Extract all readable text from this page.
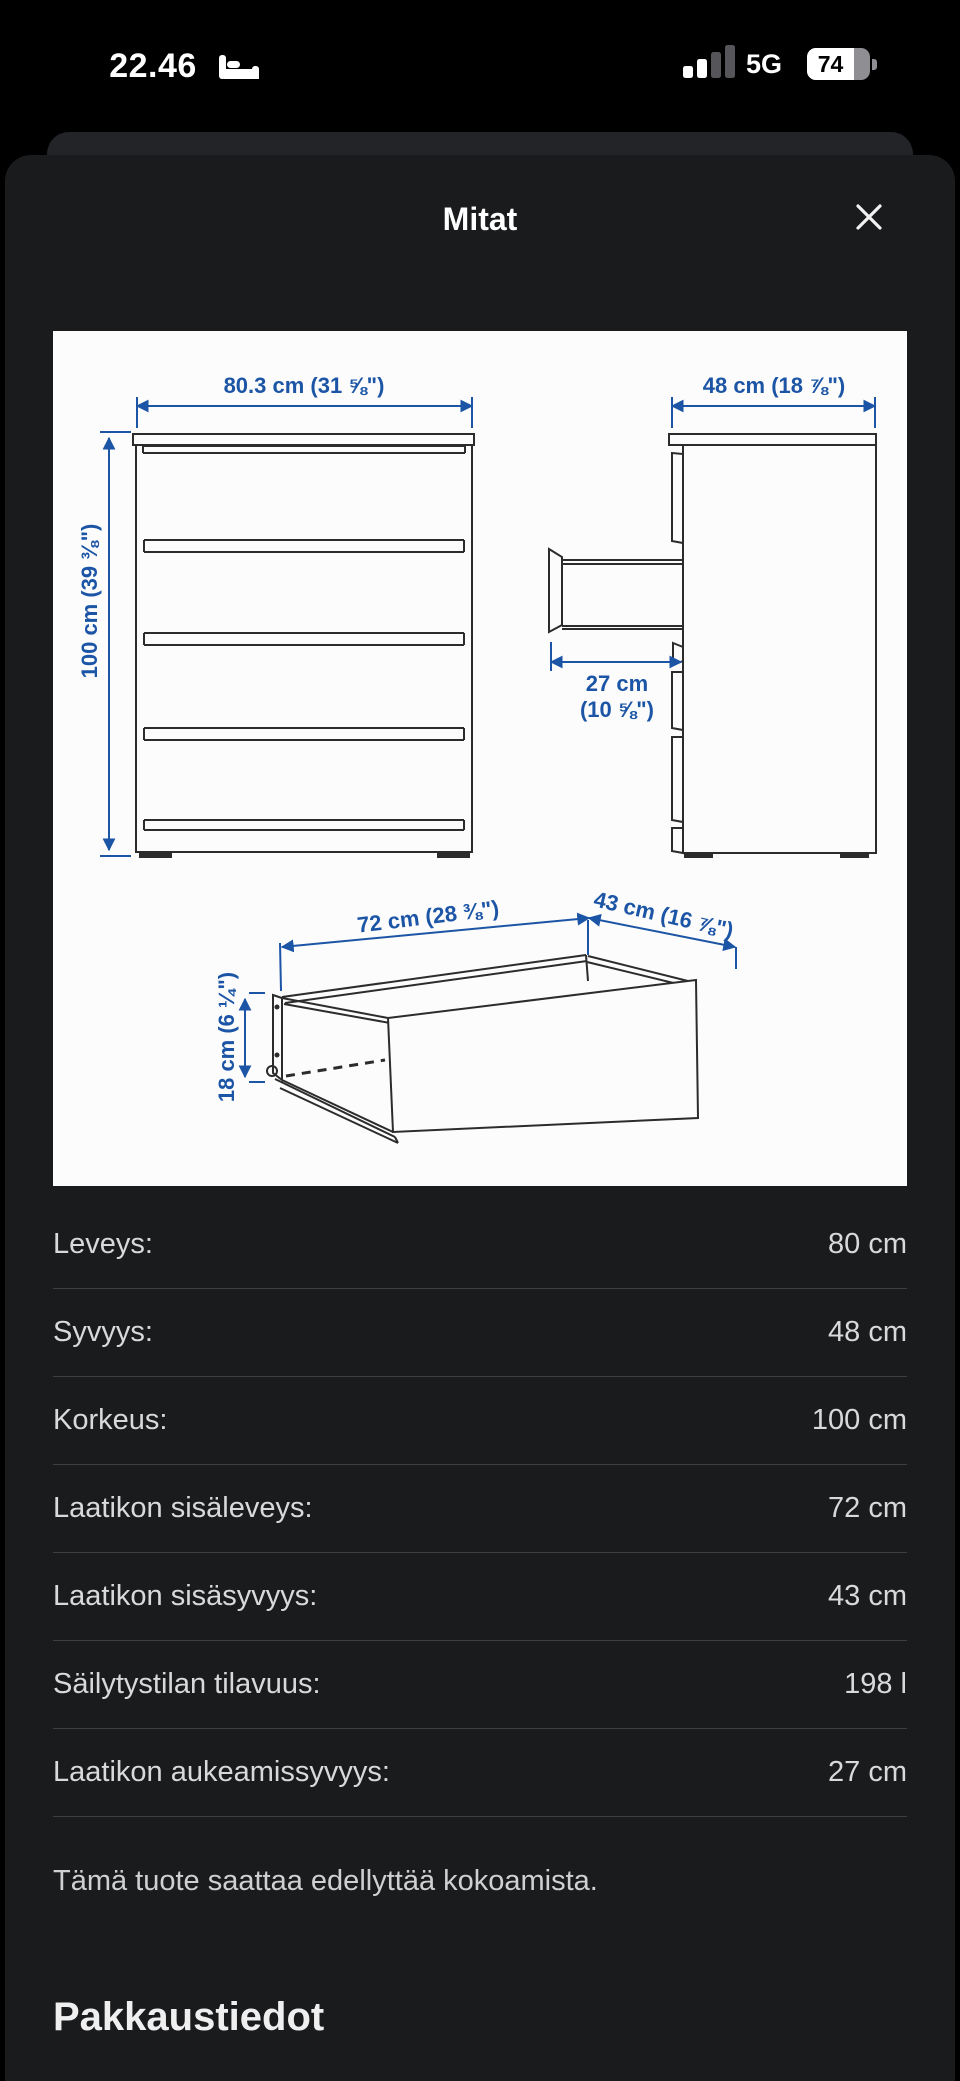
22.46	5G	74
Mitat
80.3 cm (31 ⅝")
100 cm (39 ⅜")
48 cm (18 ⅞")
27 cm
(10 ⅝")
72 cm (28 ⅜")	43 cm (16 ⅞")
18 cm (6 ¼")
Leveys:	80 cm
Syvyys:	48 cm
Korkeus:	100 cm
Laatikon sisäleveys:	72 cm
Laatikon sisäsyvyys:	43 cm
Säilytystilan tilavuus:	198 l
Laatikon aukeamissyvyys:	27 cm
Tämä tuote saattaa edellyttää kokoamista.
Pakkaustiedot
